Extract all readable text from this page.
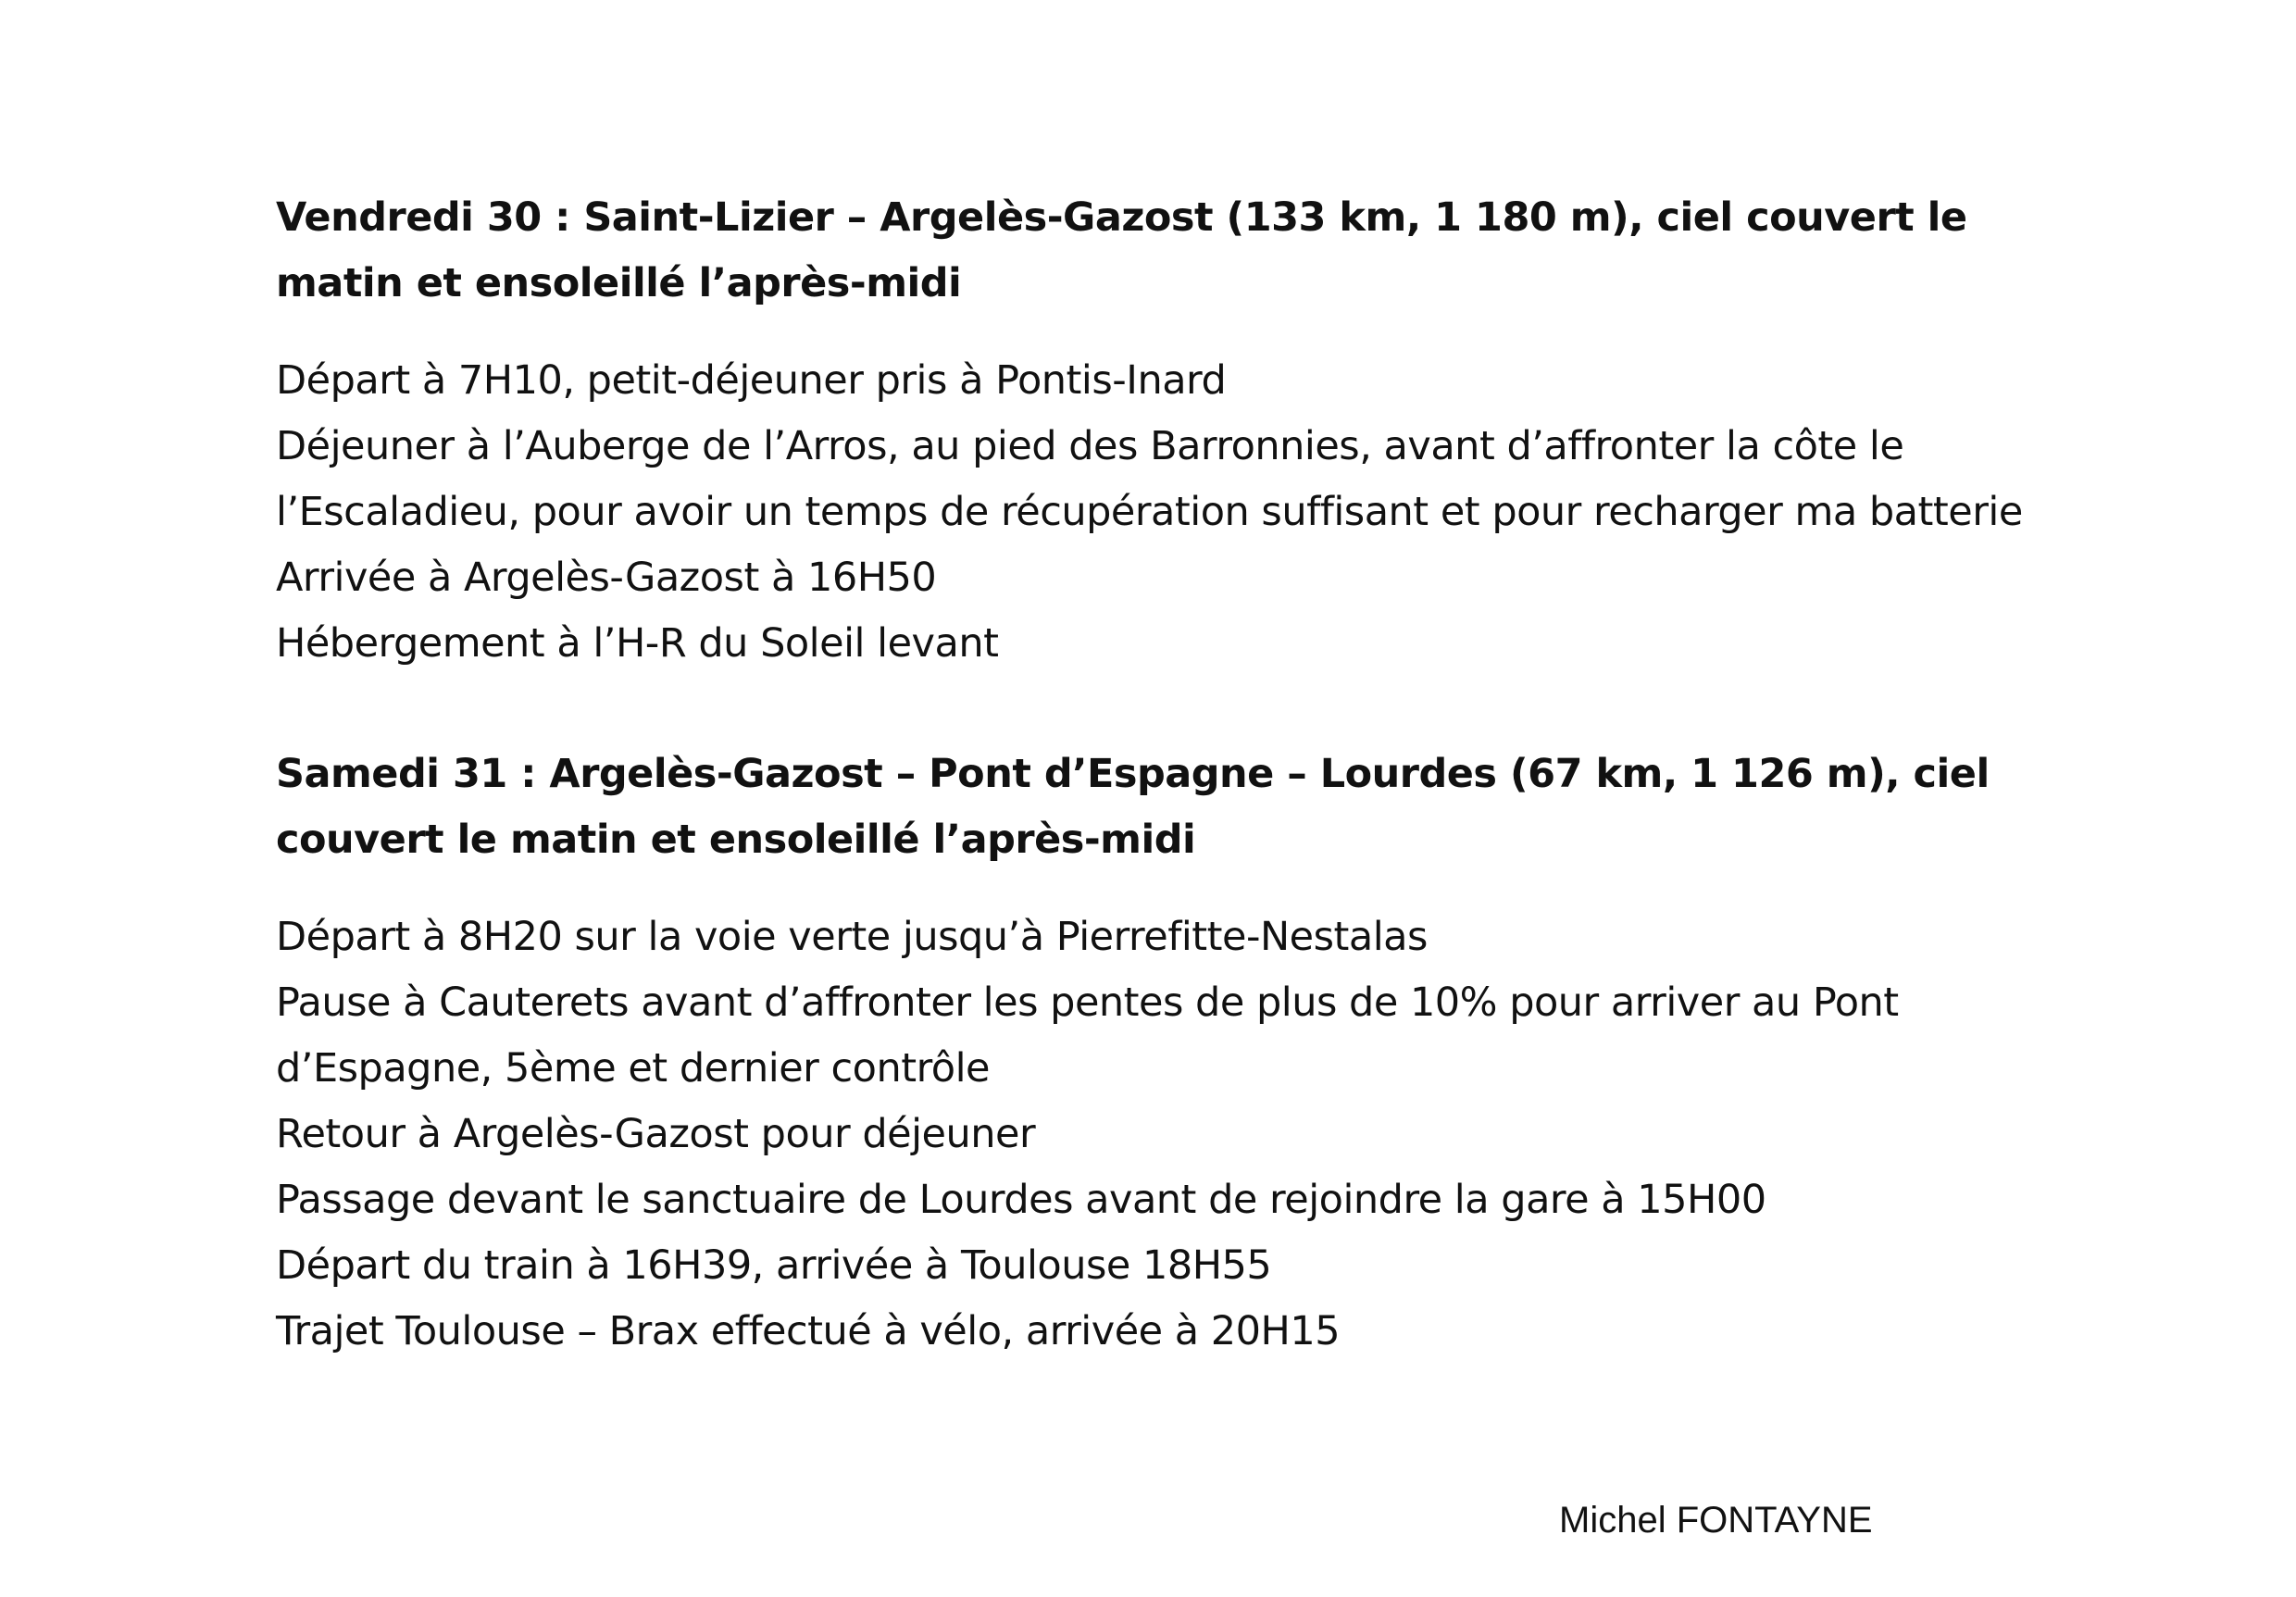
Vendredi 30 : Saint-Lizier – Argelès-Gazost (133 km, 1 180 m), ciel couvert le matin et ensoleillé l’après-midi

Départ à 7H10, petit-déjeuner pris à Pontis-Inard

Déjeuner à l’Auberge de l’Arros, au pied des Barronnies, avant d’affronter la côte le l’Escaladieu, pour avoir un temps de récupération suffisant et pour recharger ma batterie

Arrivée à Argelès-Gazost à 16H50

Hébergement à l’H-R du Soleil levant

Samedi 31 : Argelès-Gazost – Pont d’Espagne – Lourdes (67 km, 1 126 m), ciel couvert le matin et ensoleillé l’après-midi

Départ à 8H20 sur la voie verte jusqu’à Pierrefitte-Nestalas

Pause à Cauterets avant d’affronter les pentes de plus de 10% pour arriver au Pont d’Espagne, 5ème et dernier contrôle

Retour à Argelès-Gazost pour déjeuner

Passage devant le sanctuaire de Lourdes avant de rejoindre la gare à 15H00

Départ du train à 16H39, arrivée à Toulouse 18H55

Trajet Toulouse – Brax effectué à vélo, arrivée à 20H15

Michel FONTAYNE
